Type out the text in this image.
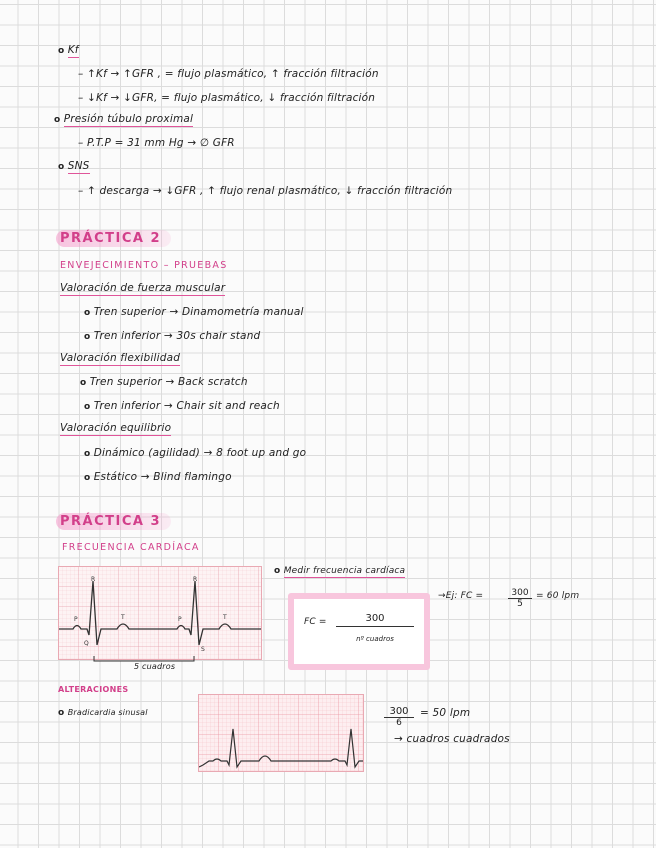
o Kf
– ↑Kf → ↑GFR , = flujo plasmático, ↑ fracción filtración
– ↓Kf → ↓GFR, = flujo plasmático, ↓ fracción filtración
o Presión túbulo proximal
– P.T.P = 31 mm Hg → ∅ GFR
o SNS
– ↑ descarga → ↓GFR , ↑ flujo renal plasmático, ↓ fracción filtración
PRÁCTICA 2
ENVEJECIMIENTO – PRUEBAS
Valoración de fuerza muscular
o Tren superior → Dinamometría manual
o Tren inferior → 30s chair stand
Valoración flexibilidad
o Tren superior → Back scratch
o Tren inferior → Chair sit and reach
Valoración equilibrio
o Dinámico (agilidad) → 8 foot up and go
o Estático → Blind flamingo
PRÁCTICA 3
FRECUENCIA CARDÍACA
R	R
P	P
T	T
Q
S
5 cuadros
o Medir frecuencia cardíaca
FC =	300
nº cuadros
→Ej: FC =	$\frac{300}{5} = 60$ lpm
ALTERACIONES
o Bradicardia sinusal	$\frac{300}{6} = 50$ lpm
→ cuadros cuadrados
